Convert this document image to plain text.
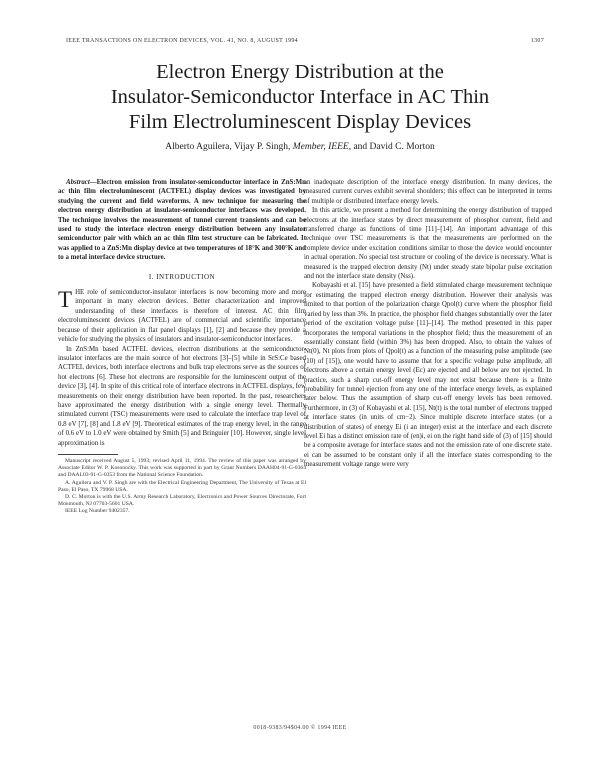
IEEE TRANSACTIONS ON ELECTRON DEVICES, VOL. 41, NO. 8, AUGUST 1994	1307
Electron Energy Distribution at the
Insulator-Semiconductor Interface in AC Thin
Film Electroluminescent Display Devices
Alberto Aguilera, Vijay P. Singh, Member, IEEE, and David C. Morton

Abstract—Electron emission from insulator-semiconductor interface in ZnS:Mn ac thin film electroluminescent (ACTFEL) display devices was investigated by studying the current and field waveforms. A new technique for measuring the electron energy distribution at insulator-semiconductor interfaces was developed. The technique involves the measurement of tunnel current transients and can be used to study the interface electron energy distribution between any insulator semiconductor pair with which an ac thin film test structure can be fabricated. It was applied to a ZnS:Mn display device at two temperatures of 18°K and 300°K and to a metal interface device structure.

I. INTRODUCTION

THE role of semiconductor-insulator interfaces is now becoming more and more important in many electron devices. Better characterization and improved understanding of these interfaces is therefore of interest. AC thin film electroluminescent devices (ACTFEL) are of commercial and scientific importance because of their application in flat panel displays [1], [2] and because they provide a vehicle for studying the physics of insulators and insulator-semiconductor interfaces.

In ZnS:Mn based ACTFEL devices, electron distributions at the semiconductor-insulator interfaces are the main source of hot electrons [3]–[5] while in SrS:Ce based ACTFEL devices, both interface electrons and bulk trap electrons serve as the sources of hot electrons [6]. These hot electrons are responsible for the luminescent output of the device [3], [4]. In spite of this critical role of interface electrons in ACTFEL displays, few measurements on their energy distribution have been reported. In the past, researchers have approximated the energy distribution with a single energy level. Thermally stimulated current (TSC) measurements were used to calculate the interface trap level of 0.8 eV [7], [8] and 1.8 eV [9]. Theoretical estimates of the trap energy level, in the range of 0.6 eV to 1.0 eV were obtained by Smith [5] and Bringuier [10]. However, single level approximation is

Manuscript received August 5, 1993; revised April 11, 1994. The review of this paper was arranged by Associate Editor W. P. Kosonocky. This work was supported in part by Grant Numbers DAAH04-91-G-0364 and DAAL03-91-G-0353 from the National Science Foundation.

A. Aguilera and V. P. Singh are with the Electrical Engineering Department, The University of Texas at El Paso, El Paso, TX 79968 USA.

D. C. Morton is with the U.S. Army Research Laboratory, Electronics and Power Sources Directorate, Fort Monmouth, NJ 07703-5601 USA.

IEEE Log Number 9402357.

an inadequate description of the interface energy distribution. In many devices, the measured current curves exhibit several shoulders; this effect can be interpreted in terms of multiple or distributed interface energy levels.

In this article, we present a method for determining the energy distribution of trapped electrons at the interface states by direct measurement of phosphor current, field and transferred charge as functions of time [11]–[14]. An important advantage of this technique over TSC measurements is that the measurements are performed on the complete device under excitation conditions similar to those the device would encounter in actual operation. No special test structure or cooling of the device is necessary. What is measured is the trapped electron density (Nt) under steady state bipolar pulse excitation and not the interface state density (Nss).

Kobayashi et al. [15] have presented a field stimulated charge measurement technique for estimating the trapped electron energy distribution. However their analysis was limited to that portion of the polarization charge Qpol(t) curve where the phosphor field varied by less than 3%. In practice, the phosphor field changes substantially over the later period of the excitation voltage pulse [11]–[14]. The method presented in this paper incorporates the temporal variations in the phosphor field; thus the measurement of an essentially constant field (within 3%) has been dropped. Also, to obtain the values of Nt(0), Nt plots from plots of Qpol(t) as a function of the measuring pulse amplitude (see (10) of [15]), one would have to assume that for a specific voltage pulse amplitude, all electrons above a certain energy level (Ec) are ejected and all below are not ejected. In practice, such a sharp cut-off energy level may not exist because there is a finite probability for tunnel ejection from any one of the interface energy levels, as explained later below. Thus the assumption of sharp cut-off energy levels has been removed. Furthermore, in (3) of Kobayashi et al. [15], Nt(t) is the total number of electrons trapped at interface states (in units of cm−2). Since multiple discrete interface states (or a distribution of states) of energy Ei (i an integer) exist at the interface and each discrete level Ei has a distinct emission rate of (en)i, ei on the right hand side of (3) of [15] should be a composite average for interface states and not the emission rate of one discrete state. ei can be assumed to be constant only if all the interface states corresponding to the measurement voltage range were very

0018-9383/94$04.00 © 1994 IEEE
